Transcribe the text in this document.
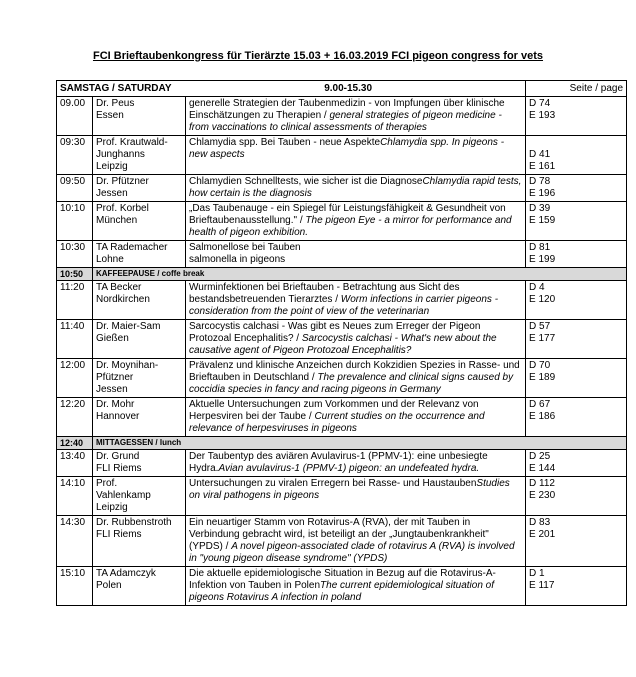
FCI Brieftaubenkongress für Tierärzte 15.03 + 16.03.2019 FCI pigeon congress for vets
SAMSTAG / SATURDAY 9.00-15.30			Seite / page
09.00	Dr. Peus
Essen	generelle Strategien der Taubenmedizin - von Impfungen über klinische Einschätzungen zu Therapien / general strategies of pigeon medicine - from vaccinations to clinical assessments of therapies	D 74
E 193

09:30	Prof. Krautwald-
Junghanns
Leipzig	Chlamydia spp. Bei Tauben - neue AspekteChlamydia spp. In pigeons - new aspects	D 41
E 161

09:50	Dr. Pfützner
Jessen	Chlamydien Schnelltests, wie sicher ist die DiagnoseChlamydia rapid tests, how certain is the diagnosis	D 78
E 196

10:10	Prof. Korbel
München	„Das Taubenauge - ein Spiegel für Leistungsfähigkeit & Gesundheit von Brieftaubenausstellung." / The pigeon Eye - a mirror for performance and health of pigeon exhibition.	D 39
E 159

10:30	TA Rademacher
Lohne	Salmonellose bei Tauben
salmonella in pigeons	D 81
E 199

10:50	KAFFEEPAUSE / coffe break		
11:20	TA Becker
Nordkirchen	Wurminfektionen bei Brieftauben - Betrachtung aus Sicht des bestandsbetreuenden Tierarztes / Worm infections in carrier pigeons - consideration from the point of view of the veterinarian	D 4
E 120

11:40	Dr. Maier-Sam
Gießen	Sarcocystis calchasi - Was gibt es Neues zum Erreger der Pigeon Protozoal Encephalitis? / Sarcocystis calchasi - What's new about the causative agent of Pigeon Protozoal Encephalitis?	D 57
E 177

12:00	Dr. Moynihan-
Pfützner
Jessen	Prävalenz und klinische Anzeichen durch Kokzidien Spezies in Rasse- und Brieftauben in Deutschland / The prevalence and clinical signs caused by coccidia species in fancy and racing pigeons in Germany	D 70
E 189

12:20	Dr. Mohr
Hannover	Aktuelle Untersuchungen zum Vorkommen und der Relevanz von Herpesviren bei der Taube / Current studies on the occurrence and relevance of herpesviruses in pigeons	D 67
E 186

12:40	MITTAGESSEN / lunch		
13:40	Dr. Grund
FLI Riems	Der Taubentyp des aviären Avulavirus-1 (PPMV-1): eine unbesiegte Hydra.Avian avulavirus-1 (PPMV-1) pigeon: an undefeated hydra.	D 25
E 144

14:10	Prof.
Vahlenkamp
Leipzig	Untersuchungen zu viralen Erregern bei Rasse- und HaustaubenStudies on viral pathogens in pigeons	D 112
E 230

14:30	Dr. Rubbenstroth
FLI Riems	Ein neuartiger Stamm von Rotavirus-A (RVA), der mit Tauben in Verbindung gebracht wird, ist beteiligt an der „Jungtaubenkrankheit" (YPDS) / A novel pigeon-associated clade of rotavirus A (RVA) is involved in "young pigeon disease syndrome" (YPDS)	D 83
E 201

15:10	TA Adamczyk
Polen	Die aktuelle epidemiologische Situation in Bezug auf die Rotavirus-A-Infektion von Tauben in PolenThe current epidemiological situation of pigeons Rotavirus A infection in poland	D 1
E 117
